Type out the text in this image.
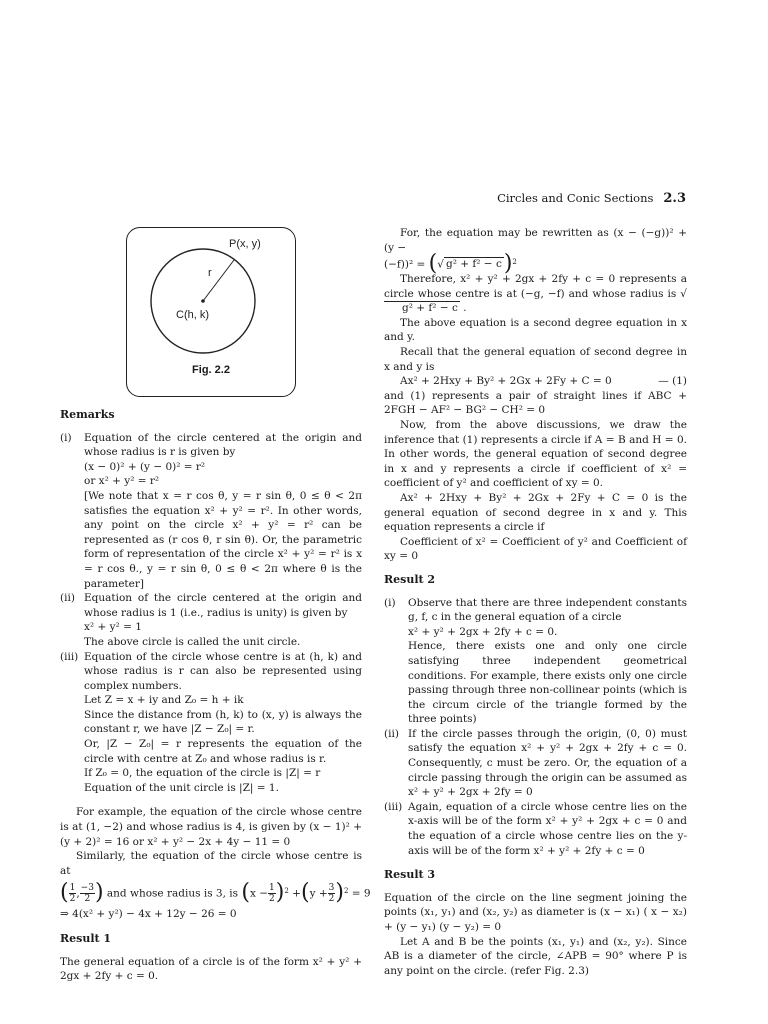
Circles and Conic Sections 2.3
P(x, y)
r
C(h, k)
Fig. 2.2
Remarks
(i) Equation of the circle centered at the origin and whose radius is r is given by
(x − 0)² + (y − 0)² = r²
or x² + y² = r²
[We note that x = r cos θ, y = r sin θ, 0 ≤ θ < 2π satisfies the equation x² + y² = r². In other words, any point on the circle x² + y² = r² can be represented as (r cos θ, r sin θ). Or, the parametric form of representation of the circle x² + y² = r² is x = r cos θ., y = r sin θ, 0 ≤ θ < 2π where θ is the parameter]
(ii) Equation of the circle centered at the origin and whose radius is 1 (i.e., radius is unity) is given by
x² + y² = 1
The above circle is called the unit circle.
(iii) Equation of the circle whose centre is at (h, k) and whose radius is r can also be represented using complex numbers.
Let Z = x + iy and Z₀ = h + ik
Since the distance from (h, k) to (x, y) is always the constant r, we have |Z − Z₀| = r.
Or, |Z − Z₀| = r represents the equation of the circle with centre at Z₀ and whose radius is r.
If Z₀ = 0, the equation of the circle is |Z| = r
Equation of the unit circle is |Z| = 1.
For example, the equation of the circle whose centre is at (1, −2) and whose radius is 4, is given by (x − 1)² + (y + 2)² = 16 or x² + y² − 2x + 4y − 11 = 0
Similarly, the equation of the circle whose centre is at
( $\frac{1}{2}$ , $\frac{-3}{2}$ ) and whose radius is 3, is $(x - \frac{1}{2} )^2 +(y + \frac{3}{2} )^2 = 9$
⇒ 4(x² + y²) − 4x + 12y − 26 = 0
Result 1
The general equation of a circle is of the form x² + y² + 2gx + 2fy + c = 0.
For, the equation may be rewritten as (x − (−g))² + (y −
(−f))² = (√ g² + f² − c)$^2$
Therefore, x² + y² + 2gx + 2fy + c = 0 represents a circle whose centre is at (−g, −f) and whose radius is √g² + f² − c .
The above equation is a second degree equation in x and y.
Recall that the general equation of second degree in x and y is
Ax² + 2Hxy + By² + 2Gx + 2Fy + C = 0	— (1)
and (1) represents a pair of straight lines if ABC + 2FGH − AF² − BG² − CH² = 0
Now, from the above discussions, we draw the inference that (1) represents a circle if A = B and H = 0. In other words, the general equation of second degree in x and y represents a circle if coefficient of x² = coefficient of y² and coefficient of xy = 0.
Ax² + 2Hxy + By² + 2Gx + 2Fy + C = 0 is the general equation of second degree in x and y. This equation represents a circle if
Coefficient of x² = Coefficient of y² and Coefficient of xy = 0
Result 2
(i) Observe that there are three independent constants g, f, c in the general equation of a circle
x² + y² + 2gx + 2fy + c = 0.
Hence, there exists one and only one circle satisfying three independent geometrical conditions. For example, there exists only one circle passing through three non-collinear points (which is the circum circle of the triangle formed by the three points)
(ii) If the circle passes through the origin, (0, 0) must satisfy the equation x² + y² + 2gx + 2fy + c = 0. Consequently, c must be zero. Or, the equation of a circle passing through the origin can be assumed as x² + y² + 2gx + 2fy = 0
(iii) Again, equation of a circle whose centre lies on the x-axis will be of the form x² + y² + 2gx + c = 0 and the equation of a circle whose centre lies on the y-axis will be of the form x² + y² + 2fy + c = 0
Result 3
Equation of the circle on the line segment joining the points (x₁, y₁) and (x₂, y₂) as diameter is (x − x₁) ( x − x₂) + (y − y₁) (y − y₂) = 0
Let A and B be the points (x₁, y₁) and (x₂, y₂). Since AB is a diameter of the circle, ∠APB = 90° where P is any point on the circle. (refer Fig. 2.3)
